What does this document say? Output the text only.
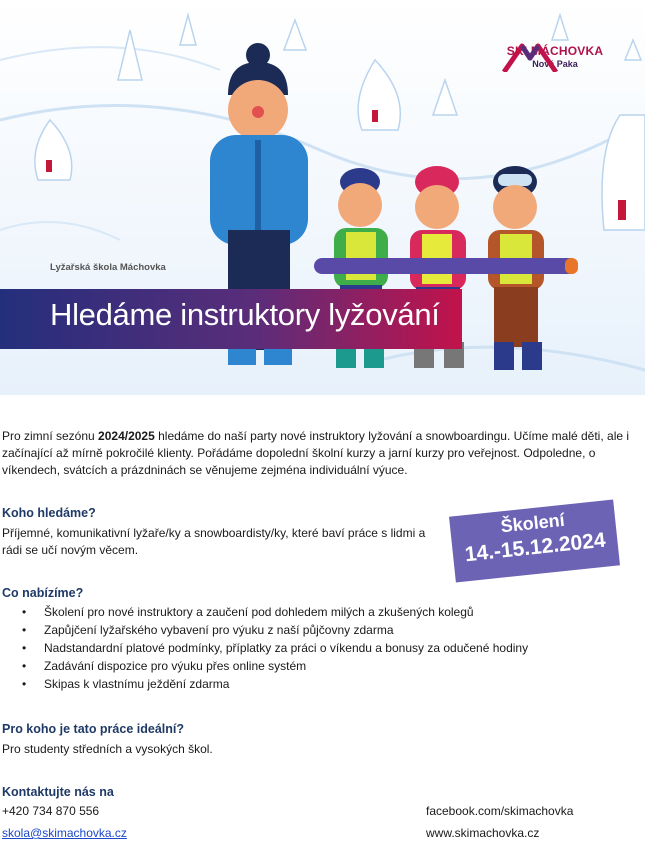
SKI MÁCHOVKA
Nová Paka
Lyžařská škola Máchovka
Hledáme instruktory lyžování
Pro zimní sezónu 2024/2025 hledáme do naší party nové instruktory lyžování a snowboardingu. Učíme malé děti, ale i začínající až mírně pokročilé klienty. Pořádáme dopolední školní kurzy a jarní kurzy pro veřejnost. Odpoledne, o víkendech, svátcích a prázdninách se věnujeme zejména individuální výuce.
Koho hledáme?
Příjemné, komunikativní lyžaře/ky a snowboardisty/ky, které baví práce s lidmi a rádi se učí novým věcem.
Školení
14.-15.12.2024
Co nabízíme?
• Školení pro nové instruktory a zaučení pod dohledem milých a zkušených kolegů
• Zapůjčení lyžařského vybavení pro výuku z naší půjčovny zdarma
• Nadstandardní platové podmínky, příplatky za práci o víkendu a bonusy za odučené hodiny
• Zadávání dispozice pro výuku přes online systém
• Skipas k vlastnímu ježdění zdarma
Pro koho je tato práce ideální?
Pro studenty středních a vysokých škol.
Kontaktujte nás na
+420 734 870 556
skola@skimachovka.cz
facebook.com/skimachovka
www.skimachovka.cz
